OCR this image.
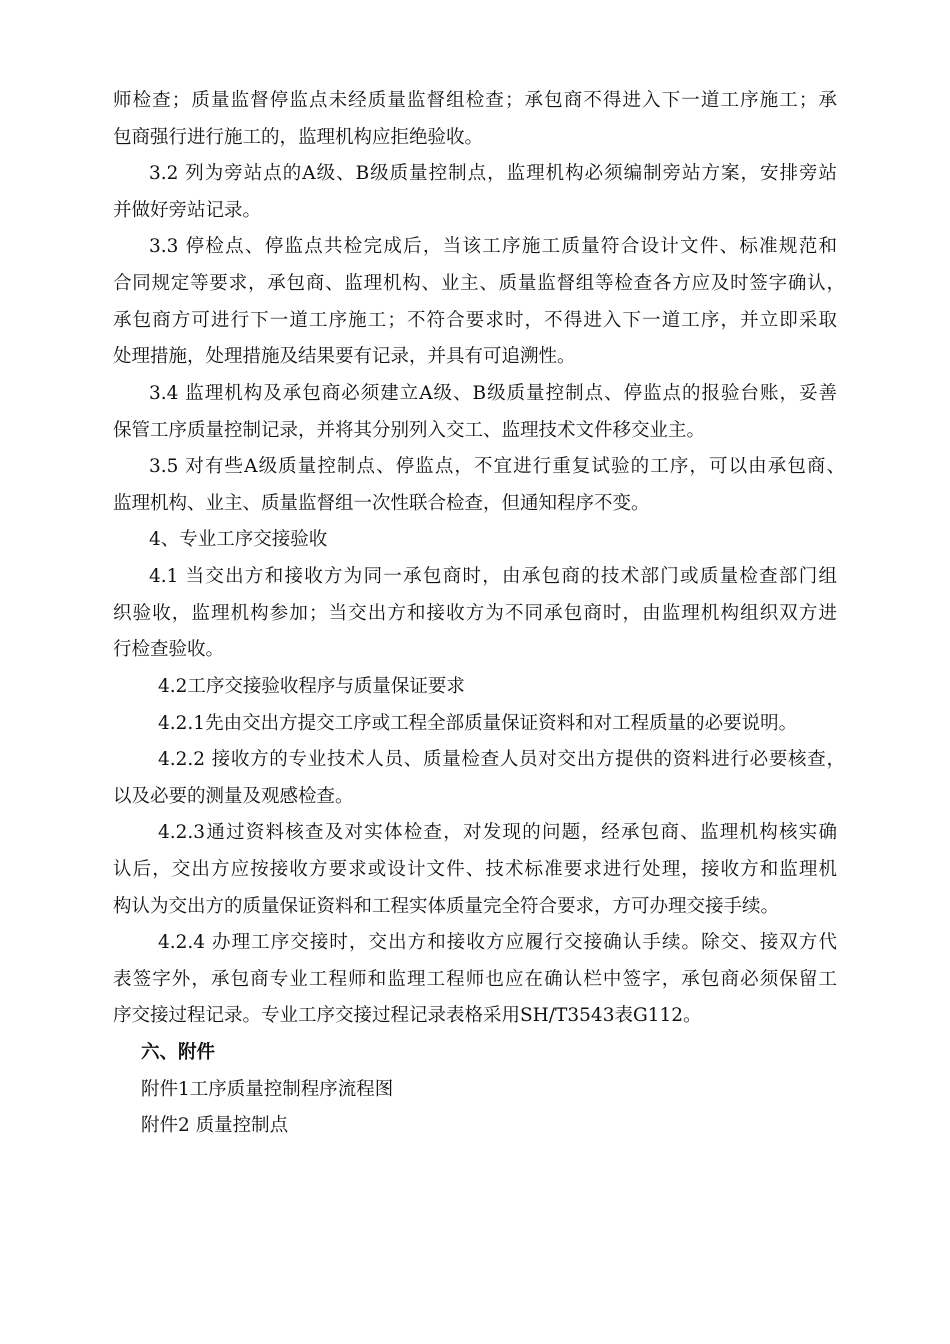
师检查；质量监督停监点未经质量监督组检查；承包商不得进入下一道工序施工；承

包商强行进行施工的，监理机构应拒绝验收。

3.2 列为旁站点的A级、B级质量控制点，监理机构必须编制旁站方案，安排旁站

并做好旁站记录。

3.3 停检点、停监点共检完成后，当该工序施工质量符合设计文件、标准规范和

合同规定等要求，承包商、监理机构、业主、质量监督组等检查各方应及时签字确认，

承包商方可进行下一道工序施工；不符合要求时，不得进入下一道工序，并立即采取

处理措施，处理措施及结果要有记录，并具有可追溯性。

3.4 监理机构及承包商必须建立A级、B级质量控制点、停监点的报验台账，妥善

保管工序质量控制记录，并将其分别列入交工、监理技术文件移交业主。

3.5 对有些A级质量控制点、停监点，不宜进行重复试验的工序，可以由承包商、

监理机构、业主、质量监督组一次性联合检查，但通知程序不变。

4、专业工序交接验收

4.1 当交出方和接收方为同一承包商时，由承包商的技术部门或质量检查部门组

织验收，监理机构参加；当交出方和接收方为不同承包商时，由监理机构组织双方进

行检查验收。

4.2工序交接验收程序与质量保证要求

4.2.1先由交出方提交工序或工程全部质量保证资料和对工程质量的必要说明。

4.2.2 接收方的专业技术人员、质量检查人员对交出方提供的资料进行必要核查，

以及必要的测量及观感检查。

4.2.3通过资料核查及对实体检查，对发现的问题，经承包商、监理机构核实确

认后，交出方应按接收方要求或设计文件、技术标准要求进行处理，接收方和监理机

构认为交出方的质量保证资料和工程实体质量完全符合要求，方可办理交接手续。

4.2.4 办理工序交接时，交出方和接收方应履行交接确认手续。除交、接双方代

表签字外，承包商专业工程师和监理工程师也应在确认栏中签字，承包商必须保留工

序交接过程记录。专业工序交接过程记录表格采用SH/T3543表G112。

六、附件

附件1工序质量控制程序流程图

附件2 质量控制点
